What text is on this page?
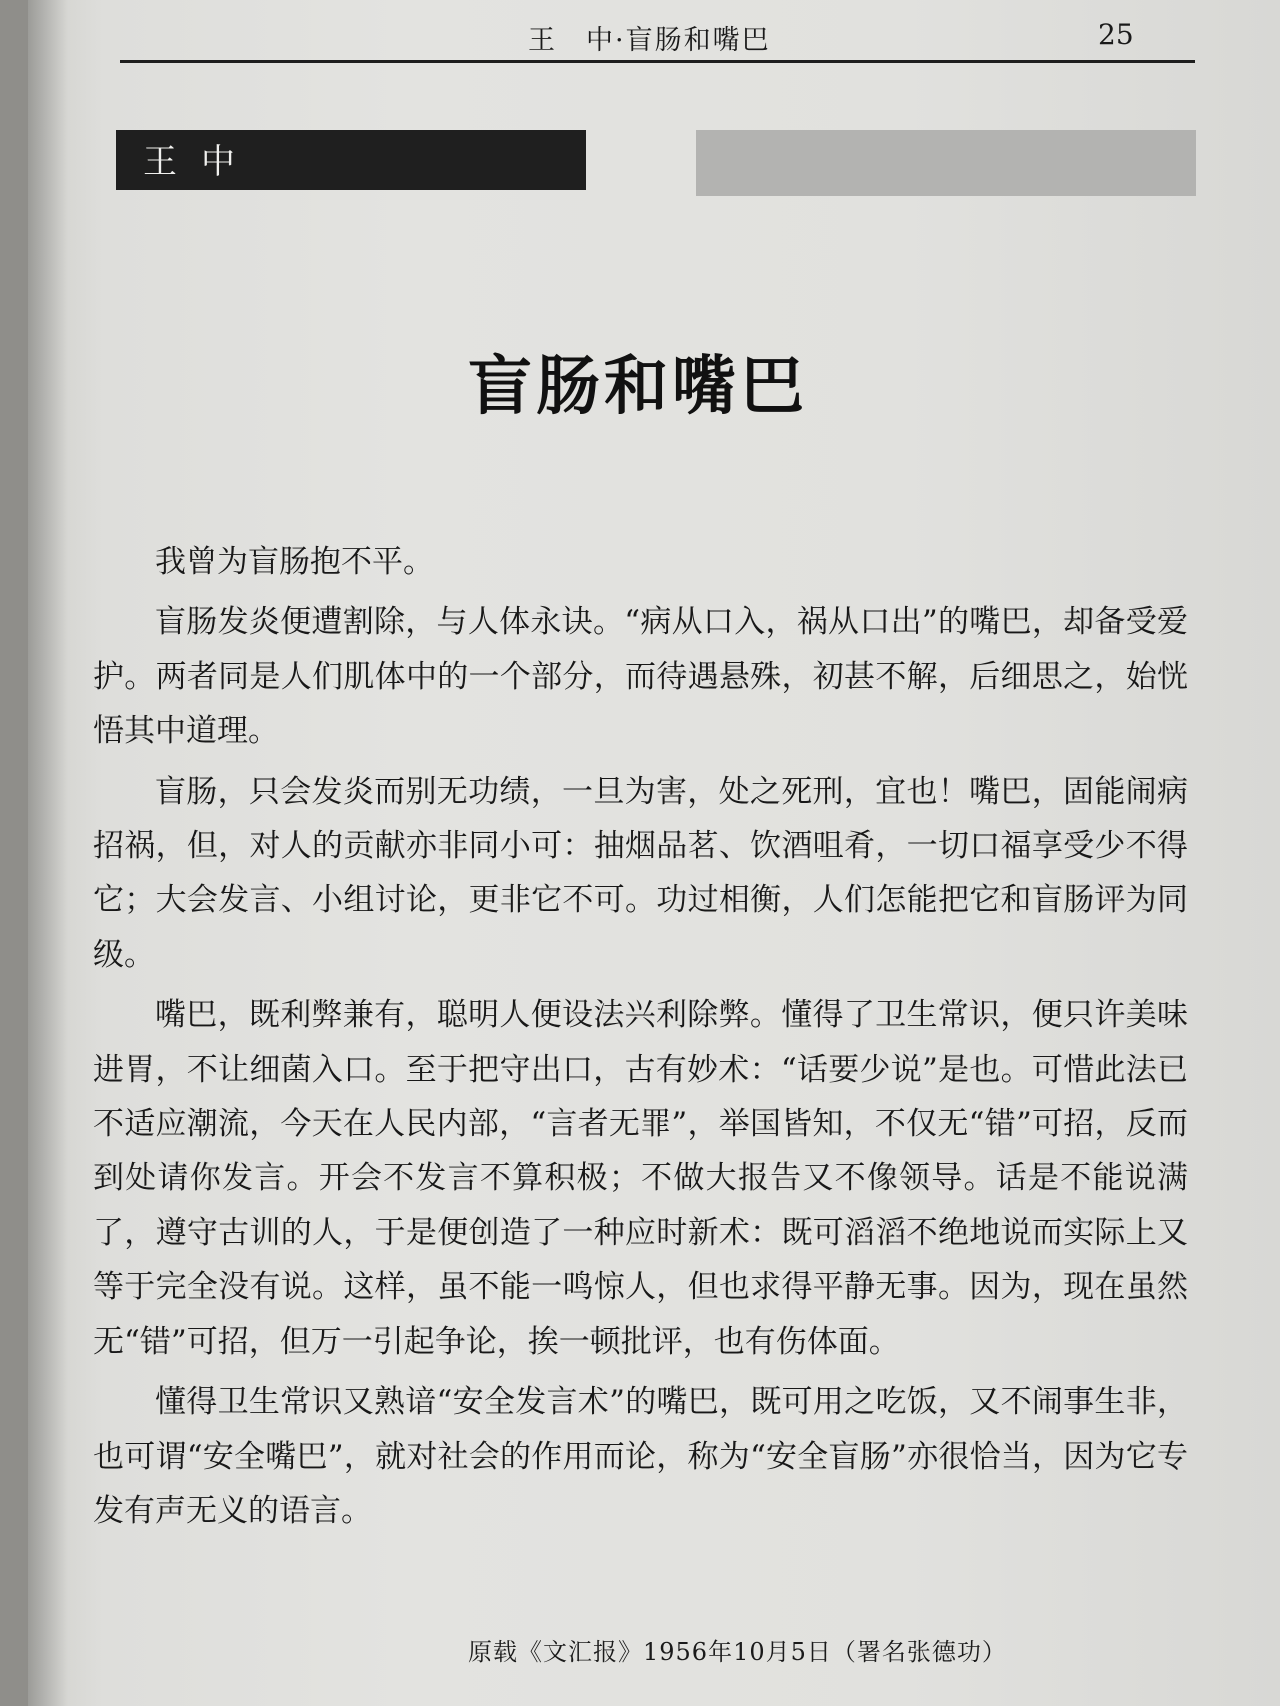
王　中·盲肠和嘴巴	25
王中
盲肠和嘴巴

我曾为盲肠抱不平。

盲肠发炎便遭割除，与人体永诀。“病从口入，祸从口出”的嘴巴，却备受爱护。两者同是人们肌体中的一个部分，而待遇悬殊，初甚不解，后细思之，始恍悟其中道理。

盲肠，只会发炎而别无功绩，一旦为害，处之死刑，宜也！嘴巴，固能闹病招祸，但，对人的贡献亦非同小可：抽烟品茗、饮酒咀肴，一切口福享受少不得它；大会发言、小组讨论，更非它不可。功过相衡，人们怎能把它和盲肠评为同级。

嘴巴，既利弊兼有，聪明人便设法兴利除弊。懂得了卫生常识，便只许美味进胃，不让细菌入口。至于把守出口，古有妙术：“话要少说”是也。可惜此法已不适应潮流，今天在人民内部，“言者无罪”，举国皆知，不仅无“错”可招，反而到处请你发言。开会不发言不算积极；不做大报告又不像领导。话是不能说满了，遵守古训的人，于是便创造了一种应时新术：既可滔滔不绝地说而实际上又等于完全没有说。这样，虽不能一鸣惊人，但也求得平静无事。因为，现在虽然无“错”可招，但万一引起争论，挨一顿批评，也有伤体面。

懂得卫生常识又熟谙“安全发言术”的嘴巴，既可用之吃饭，又不闹事生非，也可谓“安全嘴巴”，就对社会的作用而论，称为“安全盲肠”亦很恰当，因为它专发有声无义的语言。

原载《文汇报》1956年10月5日（署名张德功）
